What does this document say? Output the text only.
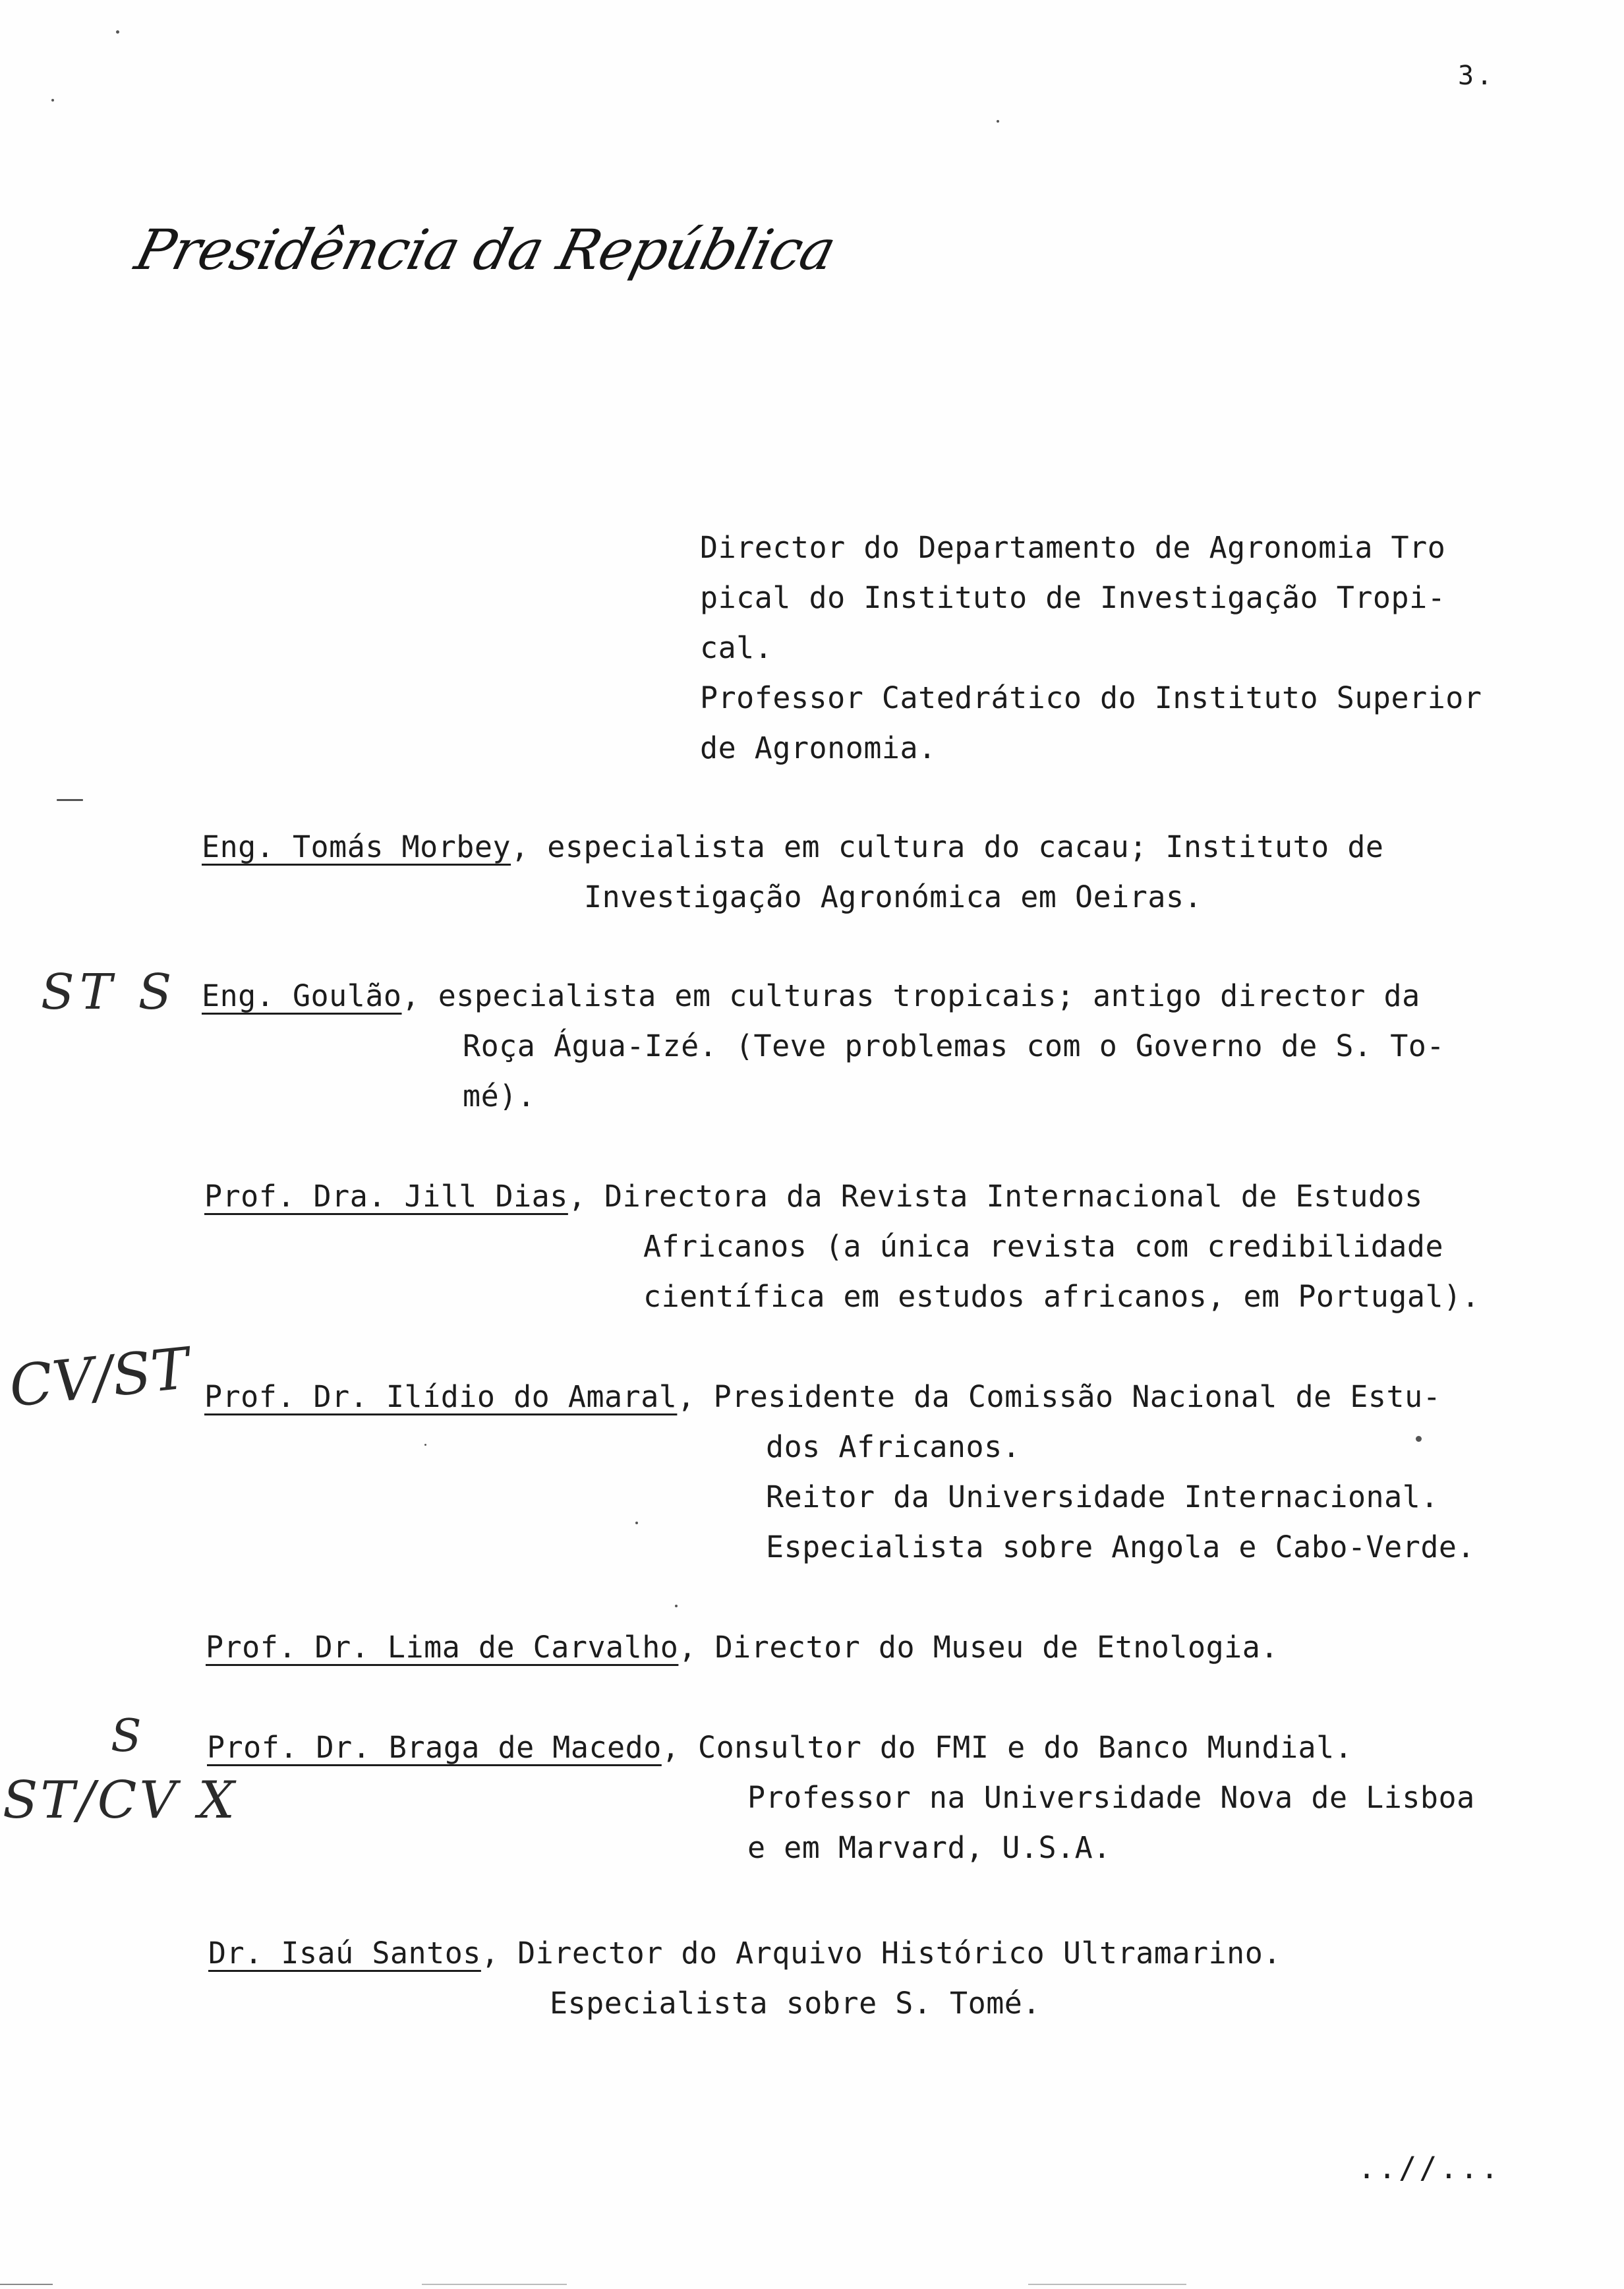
3.
Presidência da República
Director do Departamento de Agronomia Tro
pical do Instituto de Investigação Tropi-
cal.
Professor Catedrático do Instituto Superior
de Agronomia.
Eng. Tomás Morbey, especialista em cultura do cacau; Instituto de
Investigação Agronómica em Oeiras.
Eng. Goulão, especialista em culturas tropicais; antigo director da
Roça Água-Izé. (Teve problemas com o Governo de S. To-
mé).
Prof. Dra. Jill Dias, Directora da Revista Internacional de Estudos
Africanos (a única revista com credibilidade
científica em estudos africanos, em Portugal).
Prof. Dr. Ilídio do Amaral, Presidente da Comissão Nacional de Estu-
dos Africanos.
Reitor da Universidade Internacional.
Especialista sobre Angola e Cabo-Verde.
Prof. Dr. Lima de Carvalho, Director do Museu de Etnologia.
Prof. Dr. Braga de Macedo, Consultor do FMI e do Banco Mundial.
Professor na Universidade Nova de Lisboa
e em Marvard, U.S.A.
Dr. Isaú Santos, Director do Arquivo Histórico Ultramarino.
Especialista sobre S. Tomé.
ST S
CV/ST
S
ST/CV X
..//...
